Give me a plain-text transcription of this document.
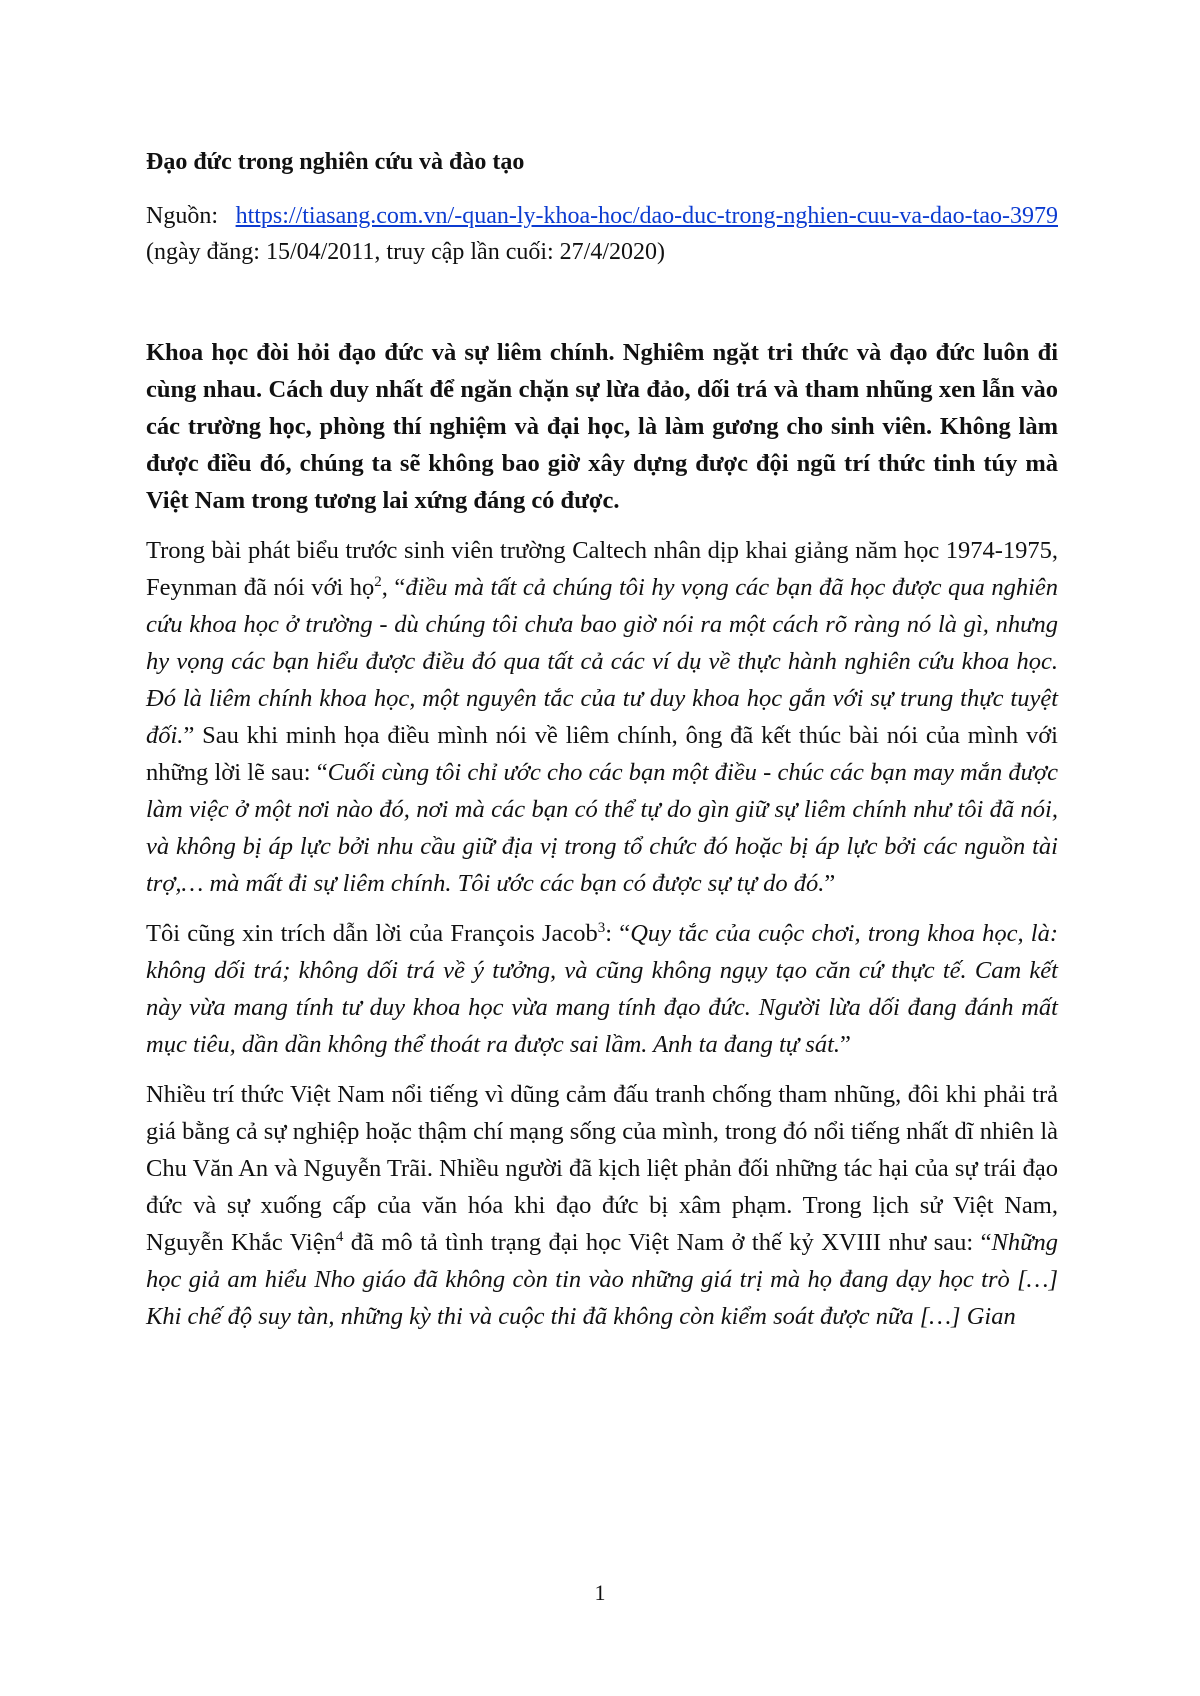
Đạo đức trong nghiên cứu và đào tạo
Nguồn: https://tiasang.com.vn/-quan-ly-khoa-hoc/dao-duc-trong-nghien-cuu-va-dao-tao-3979 (ngày đăng: 15/04/2011, truy cập lần cuối: 27/4/2020)
Khoa học đòi hỏi đạo đức và sự liêm chính. Nghiêm ngặt tri thức và đạo đức luôn đi cùng nhau. Cách duy nhất để ngăn chặn sự lừa đảo, dối trá và tham nhũng xen lẫn vào các trường học, phòng thí nghiệm và đại học, là làm gương cho sinh viên. Không làm được điều đó, chúng ta sẽ không bao giờ xây dựng được đội ngũ trí thức tinh túy mà Việt Nam trong tương lai xứng đáng có được.
Trong bài phát biểu trước sinh viên trường Caltech nhân dịp khai giảng năm học 1974-1975, Feynman đã nói với họ$^2$, “điều mà tất cả chúng tôi hy vọng các bạn đã học được qua nghiên cứu khoa học ở trường - dù chúng tôi chưa bao giờ nói ra một cách rõ ràng nó là gì, nhưng hy vọng các bạn hiểu được điều đó qua tất cả các ví dụ về thực hành nghiên cứu khoa học. Đó là liêm chính khoa học, một nguyên tắc của tư duy khoa học gắn với sự trung thực tuyệt đối.” Sau khi minh họa điều mình nói về liêm chính, ông đã kết thúc bài nói của mình với những lời lẽ sau: “Cuối cùng tôi chỉ ước cho các bạn một điều - chúc các bạn may mắn được làm việc ở một nơi nào đó, nơi mà các bạn có thể tự do gìn giữ sự liêm chính như tôi đã nói, và không bị áp lực bởi nhu cầu giữ địa vị trong tổ chức đó hoặc bị áp lực bởi các nguồn tài trợ,… mà mất đi sự liêm chính. Tôi ước các bạn có được sự tự do đó.”
Tôi cũng xin trích dẫn lời của François Jacob$^3$: “Quy tắc của cuộc chơi, trong khoa học, là: không dối trá; không dối trá về ý tưởng, và cũng không ngụy tạo căn cứ thực tế. Cam kết này vừa mang tính tư duy khoa học vừa mang tính đạo đức. Người lừa dối đang đánh mất mục tiêu, dần dần không thể thoát ra được sai lầm. Anh ta đang tự sát.”
Nhiều trí thức Việt Nam nổi tiếng vì dũng cảm đấu tranh chống tham nhũng, đôi khi phải trả giá bằng cả sự nghiệp hoặc thậm chí mạng sống của mình, trong đó nổi tiếng nhất dĩ nhiên là Chu Văn An và Nguyễn Trãi. Nhiều người đã kịch liệt phản đối những tác hại của sự trái đạo đức và sự xuống cấp của văn hóa khi đạo đức bị xâm phạm. Trong lịch sử Việt Nam, Nguyễn Khắc Viện$^4$ đã mô tả tình trạng đại học Việt Nam ở thế kỷ XVIII như sau: “Những học giả am hiểu Nho giáo đã không còn tin vào những giá trị mà họ đang dạy học trò […] Khi chế độ suy tàn, những kỳ thi và cuộc thi đã không còn kiểm soát được nữa […] Gian
1
